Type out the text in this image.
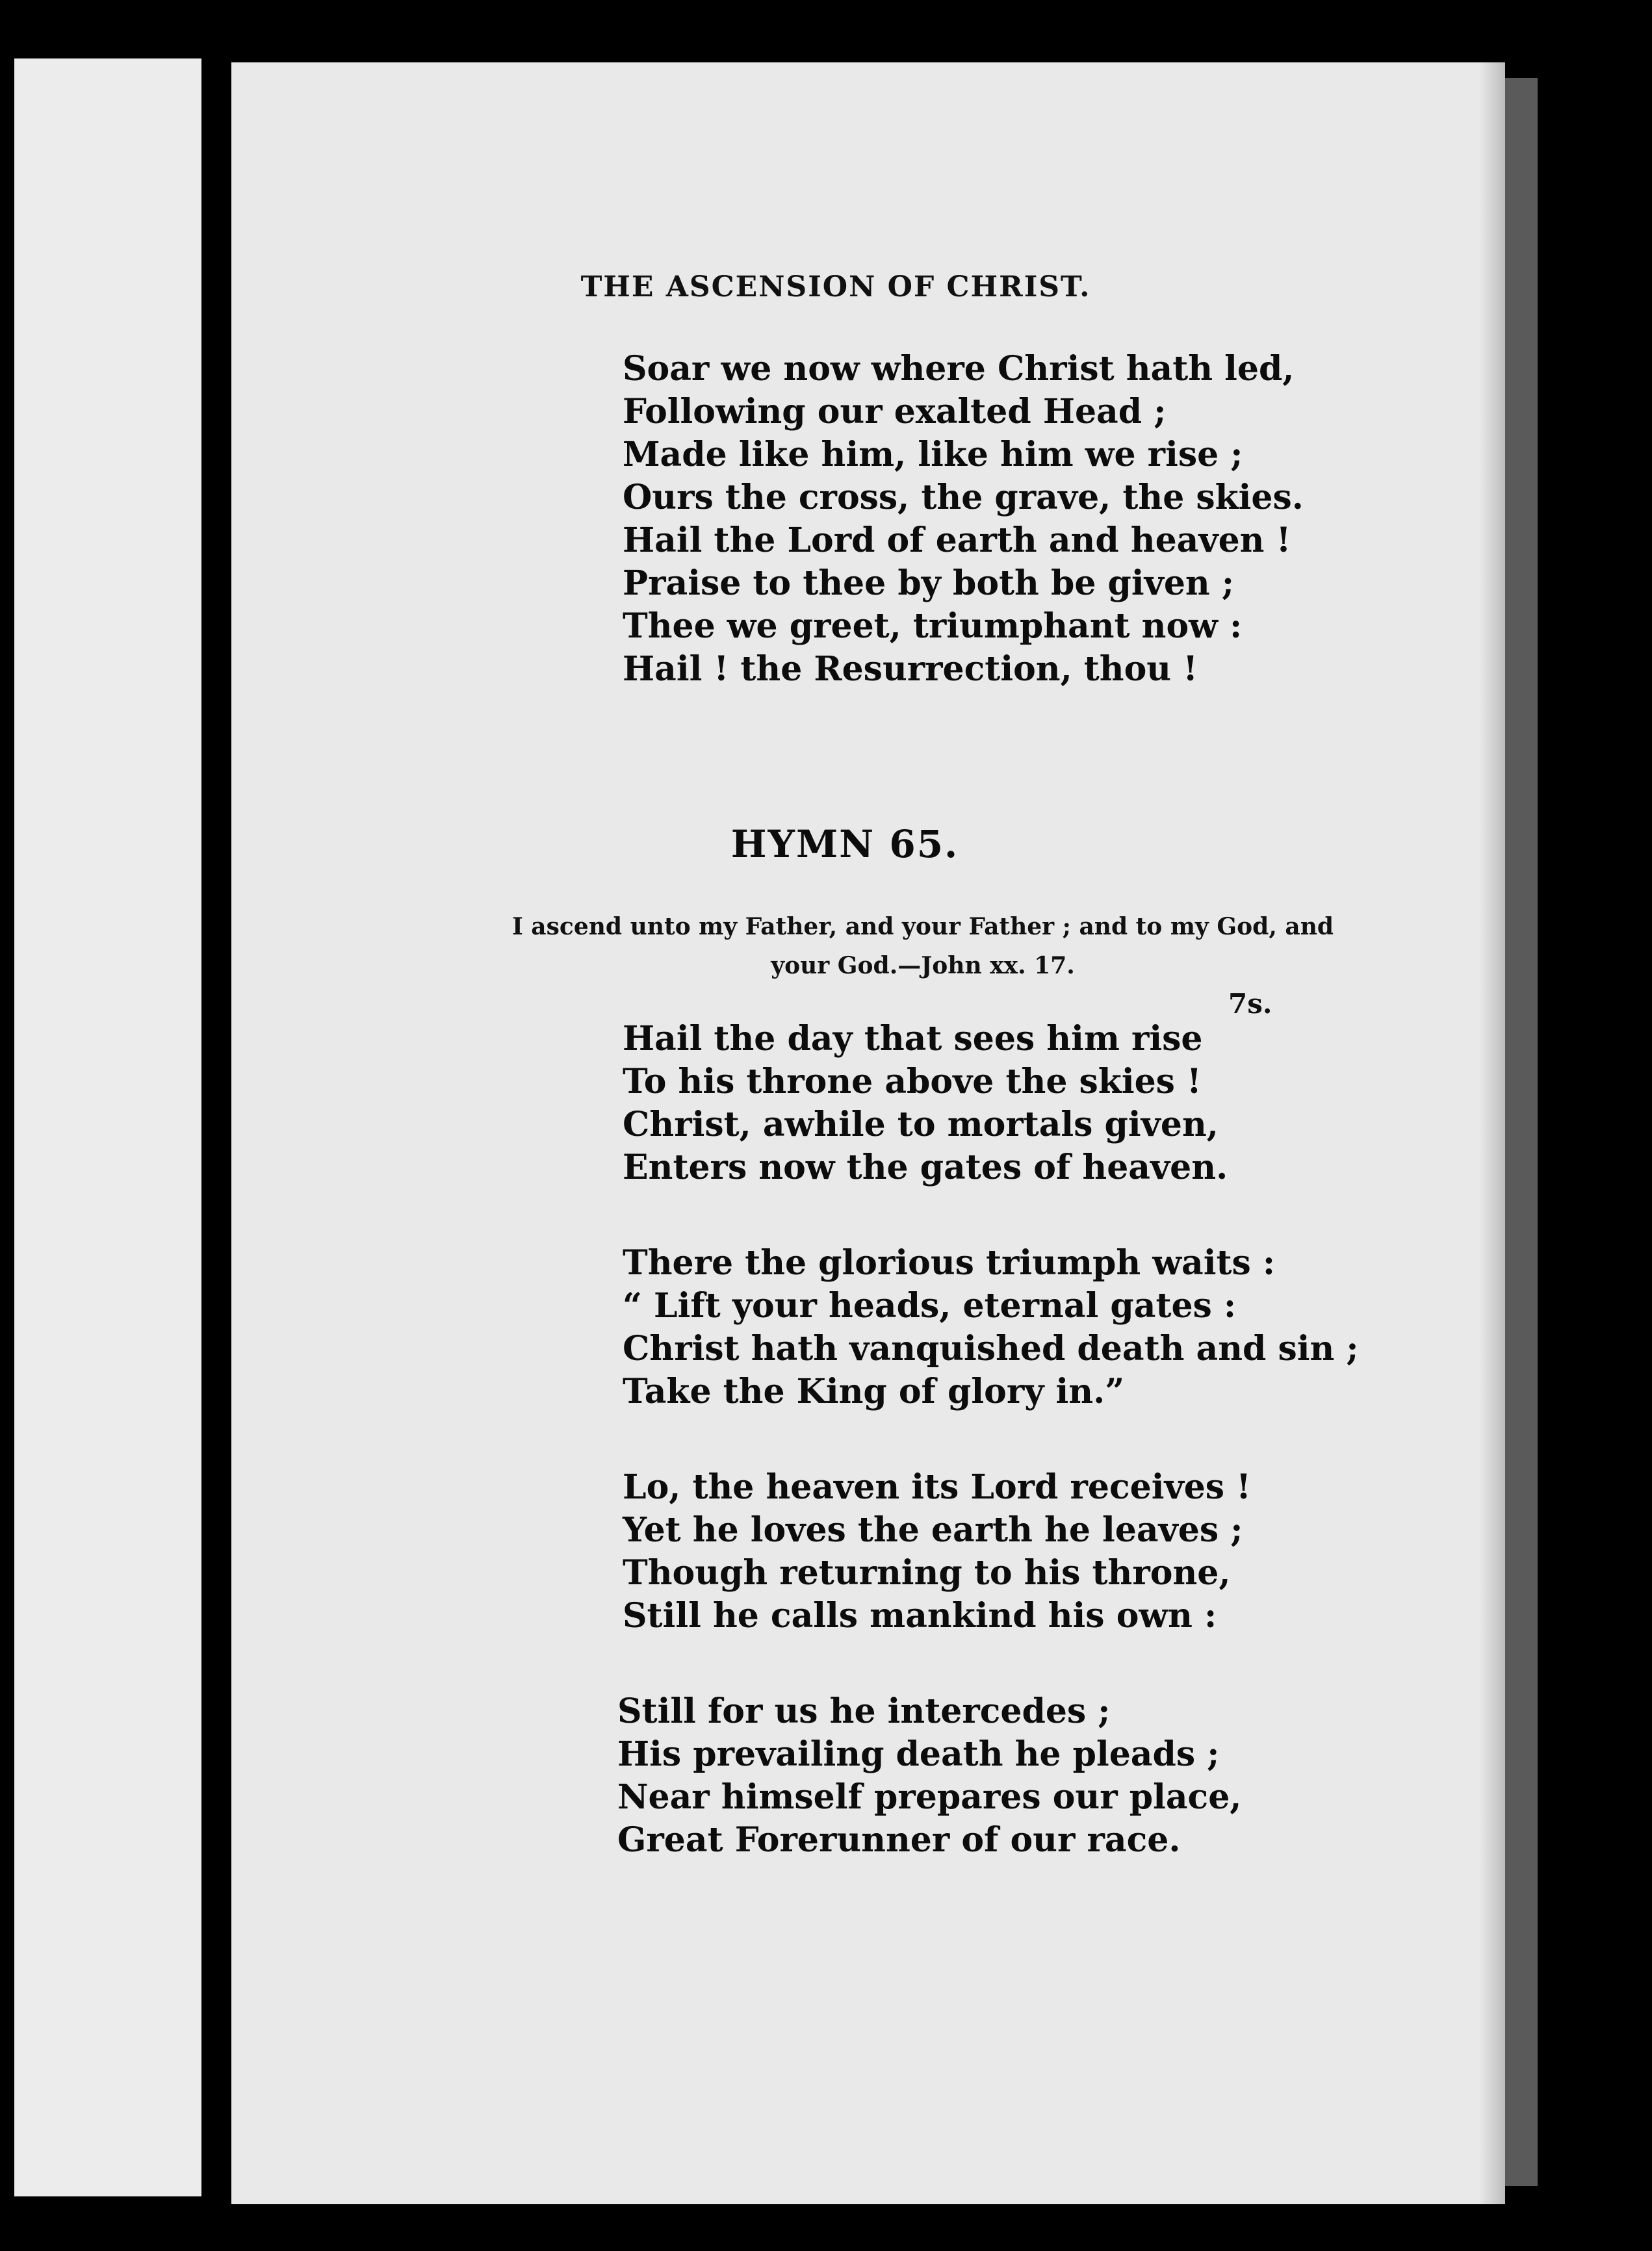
THE ASCENSION OF CHRIST.
Soar we now where Christ hath led,
Following our exalted Head ;
Made like him, like him we rise ;
Ours the cross, the grave, the skies.
Hail the Lord of earth and heaven !
Praise to thee by both be given ;
Thee we greet, triumphant now :
Hail ! the Resurrection, thou !
HYMN 65.
I ascend unto my Father, and your Father ; and to my God, and
your God.—John xx. 17.
7s.
Hail the day that sees him rise
To his throne above the skies !
Christ, awhile to mortals given,
Enters now the gates of heaven.
There the glorious triumph waits :
“ Lift your heads, eternal gates :
Christ hath vanquished death and sin ;
Take the King of glory in.”
Lo, the heaven its Lord receives !
Yet he loves the earth he leaves ;
Though returning to his throne,
Still he calls mankind his own :
Still for us he intercedes ;
His prevailing death he pleads ;
Near himself prepares our place,
Great Forerunner of our race.
